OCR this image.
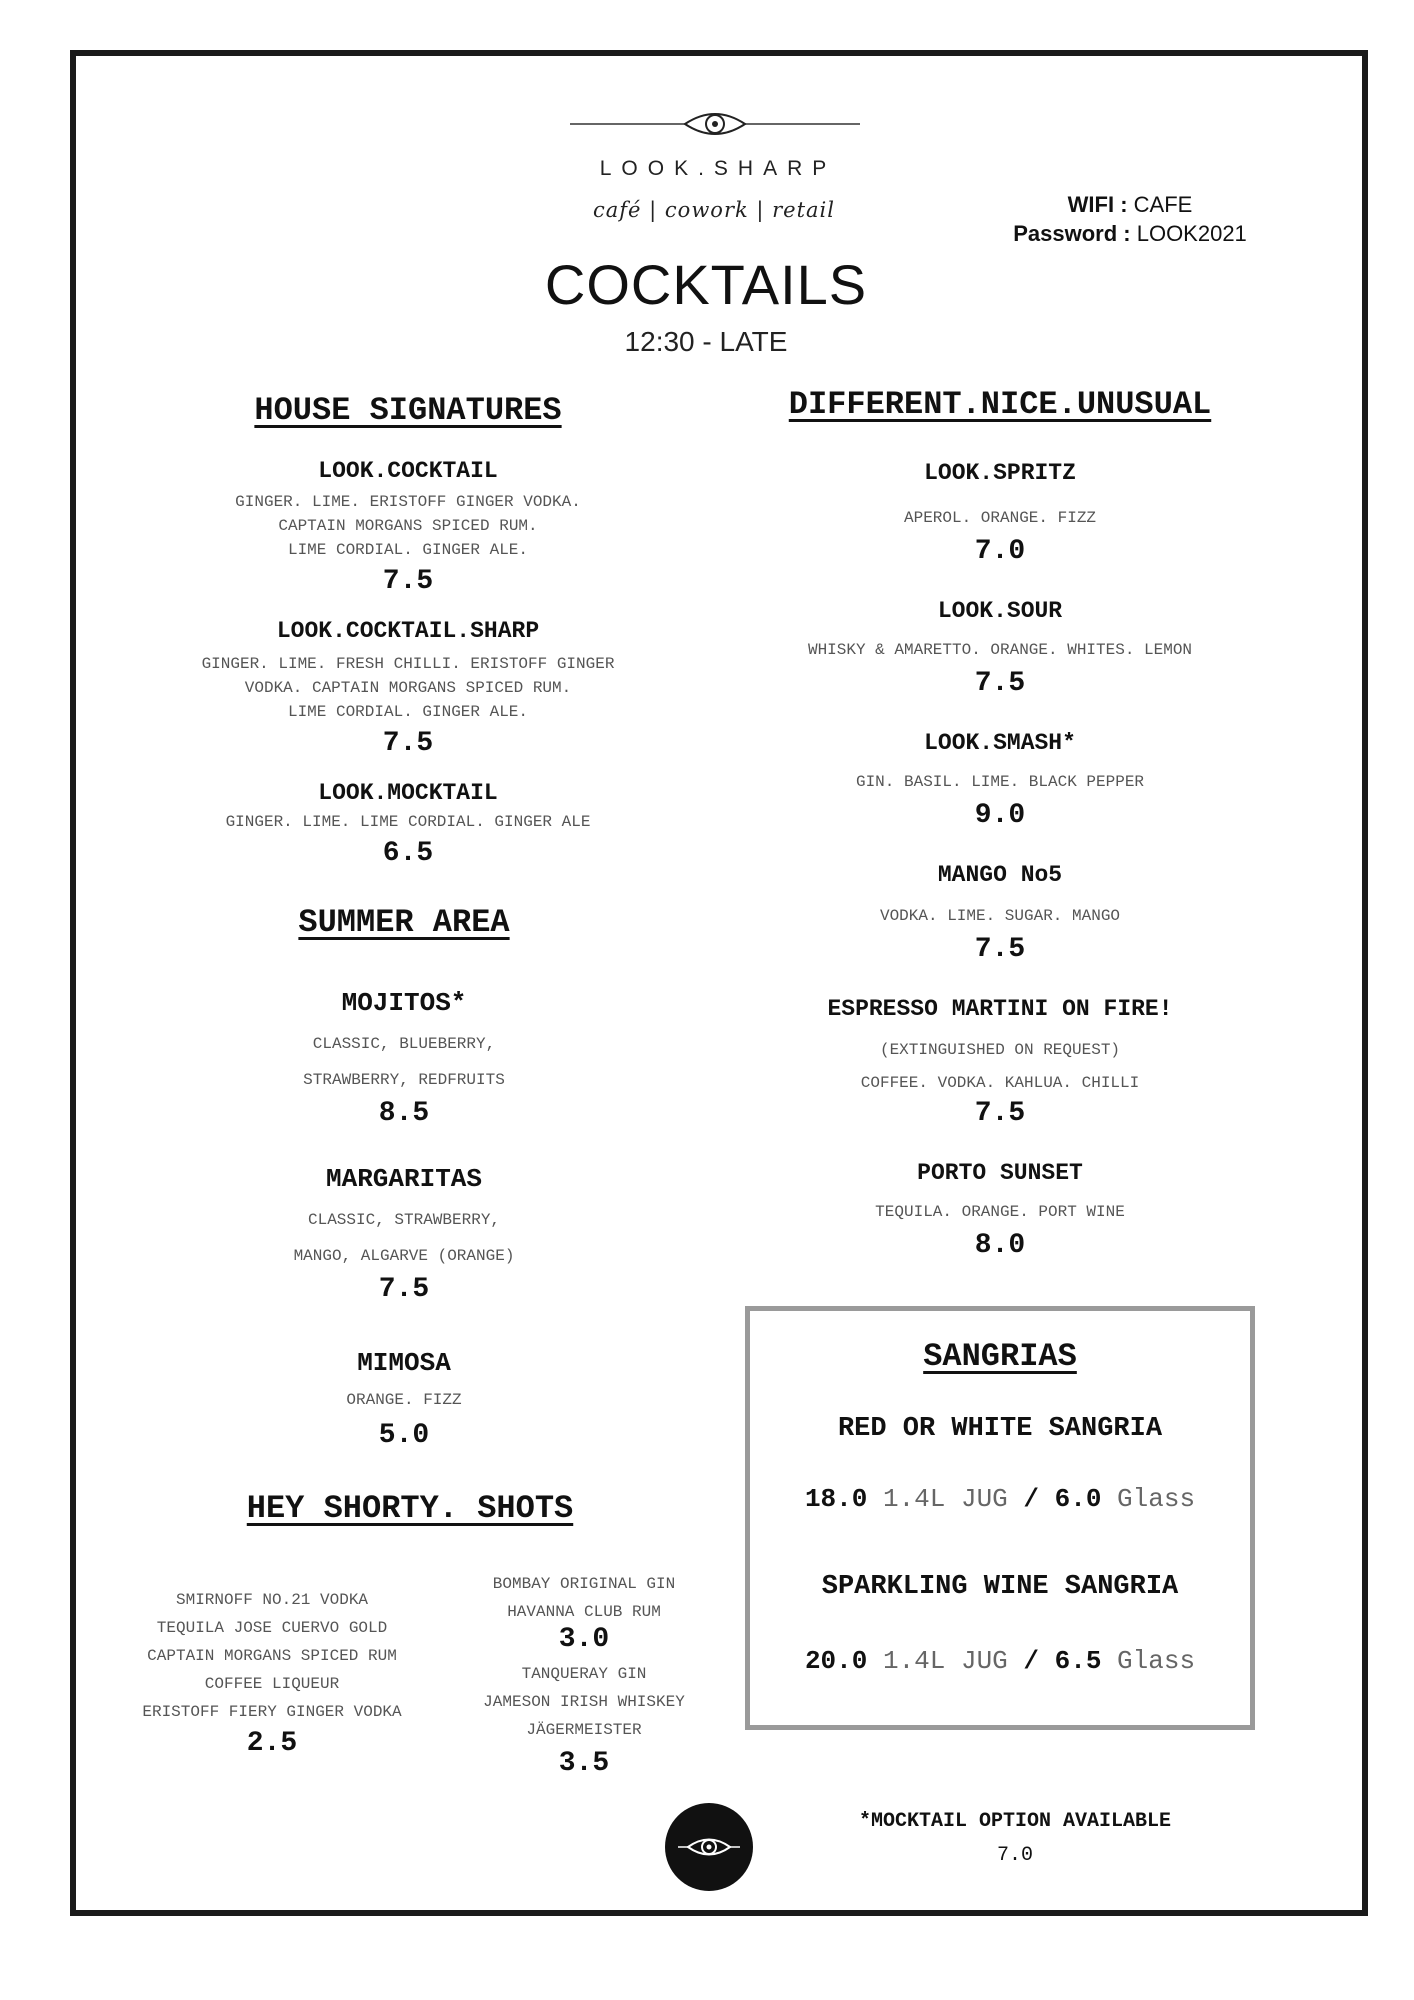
LOOK.SHARP
café | cowork | retail
COCKTAILS
12:30 - LATE
WIFI : CAFE
Password : LOOK2021
HOUSE SIGNATURES
LOOK.COCKTAIL
GINGER. LIME. ERISTOFF GINGER VODKA.
CAPTAIN MORGANS SPICED RUM.
LIME CORDIAL. GINGER ALE.
7.5
LOOK.COCKTAIL.SHARP
GINGER. LIME. FRESH CHILLI. ERISTOFF GINGER
VODKA. CAPTAIN MORGANS SPICED RUM.
LIME CORDIAL. GINGER ALE.
7.5
LOOK.MOCKTAIL
GINGER. LIME. LIME CORDIAL. GINGER ALE
6.5
SUMMER AREA
MOJITOS*
CLASSIC, BLUEBERRY,
STRAWBERRY, REDFRUITS
8.5
MARGARITAS
CLASSIC, STRAWBERRY,
MANGO, ALGARVE (ORANGE)
7.5
MIMOSA
ORANGE. FIZZ
5.0
HEY SHORTY. SHOTS
SMIRNOFF NO.21 VODKA
TEQUILA JOSE CUERVO GOLD
CAPTAIN MORGANS SPICED RUM
COFFEE LIQUEUR
ERISTOFF FIERY GINGER VODKA
2.5
BOMBAY ORIGINAL GIN
HAVANNA CLUB RUM
3.0
TANQUERAY GIN
JAMESON IRISH WHISKEY
JÄGERMEISTER
3.5
DIFFERENT.NICE.UNUSUAL
LOOK.SPRITZ
APEROL. ORANGE. FIZZ
7.0
LOOK.SOUR
WHISKY & AMARETTO. ORANGE. WHITES. LEMON
7.5
LOOK.SMASH*
GIN. BASIL. LIME. BLACK PEPPER
9.0
MANGO No5
VODKA. LIME. SUGAR. MANGO
7.5
ESPRESSO MARTINI ON FIRE!
(EXTINGUISHED ON REQUEST)
COFFEE. VODKA. KAHLUA. CHILLI
7.5
PORTO SUNSET
TEQUILA. ORANGE. PORT WINE
8.0
SANGRIAS
RED OR WHITE SANGRIA
18.0 1.4L JUG / 6.0 Glass
SPARKLING WINE SANGRIA
20.0 1.4L JUG / 6.5 Glass
*MOCKTAIL OPTION AVAILABLE
7.0
